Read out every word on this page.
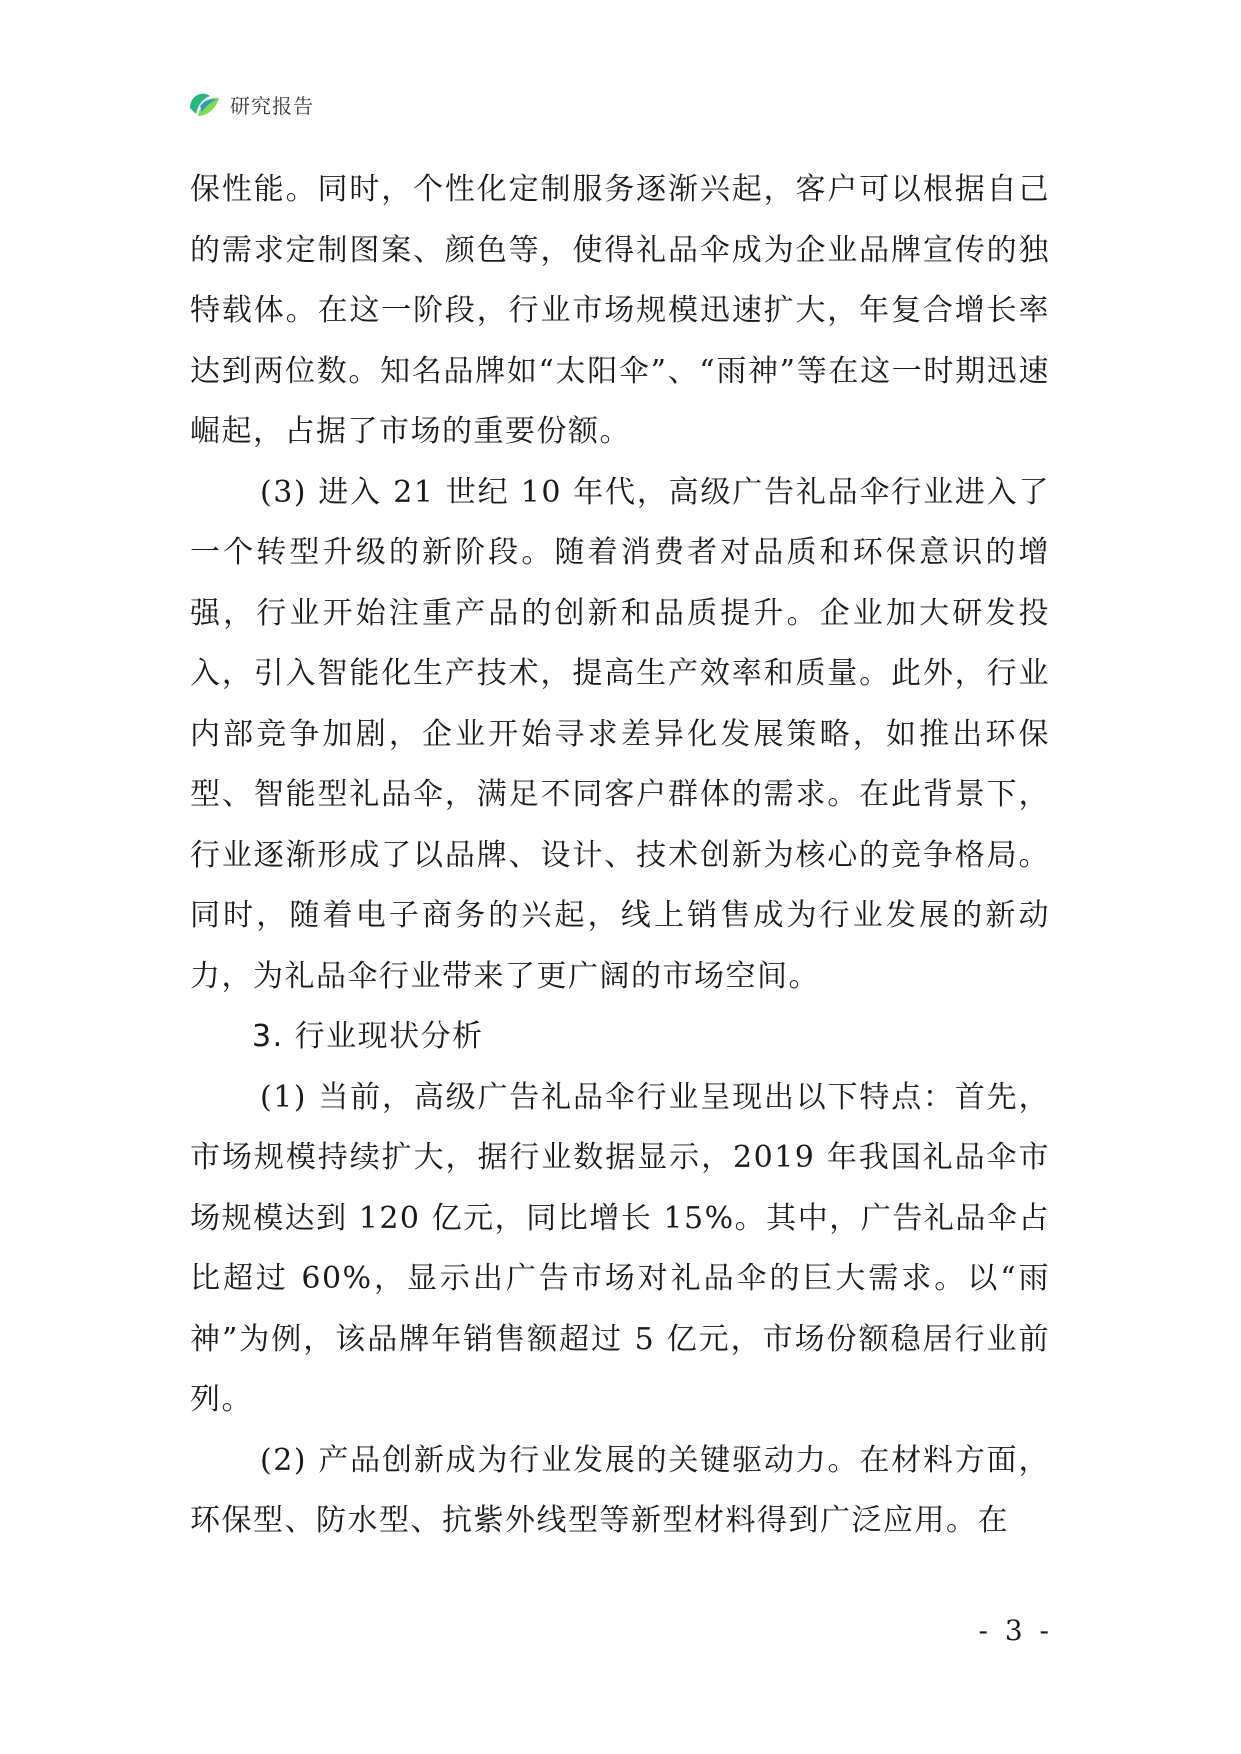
研究报告

保性能。同时，个性化定制服务逐渐兴起，客户可以根据自己的需求定制图案、颜色等，使得礼品伞成为企业品牌宣传的独特载体。在这一阶段，行业市场规模迅速扩大，年复合增长率达到两位数。知名品牌如“太阳伞”、“雨神”等在这一时期迅速崛起，占据了市场的重要份额。

(3) 进入 21 世纪 10 年代，高级广告礼品伞行业进入了一个转型升级的新阶段。随着消费者对品质和环保意识的增强，行业开始注重产品的创新和品质提升。企业加大研发投入，引入智能化生产技术，提高生产效率和质量。此外，行业内部竞争加剧，企业开始寻求差异化发展策略，如推出环保型、智能型礼品伞，满足不同客户群体的需求。在此背景下，行业逐渐形成了以品牌、设计、技术创新为核心的竞争格局。同时，随着电子商务的兴起，线上销售成为行业发展的新动力，为礼品伞行业带来了更广阔的市场空间。

3. 行业现状分析

(1) 当前，高级广告礼品伞行业呈现出以下特点：首先，市场规模持续扩大，据行业数据显示，2019 年我国礼品伞市场规模达到 120 亿元，同比增长 15%。其中，广告礼品伞占比超过 60%，显示出广告市场对礼品伞的巨大需求。以“雨神”为例，该品牌年销售额超过 5 亿元，市场份额稳居行业前列。

(2) 产品创新成为行业发展的关键驱动力。在材料方面，环保型、防水型、抗紫外线型等新型材料得到广泛应用。在

- 3 -
